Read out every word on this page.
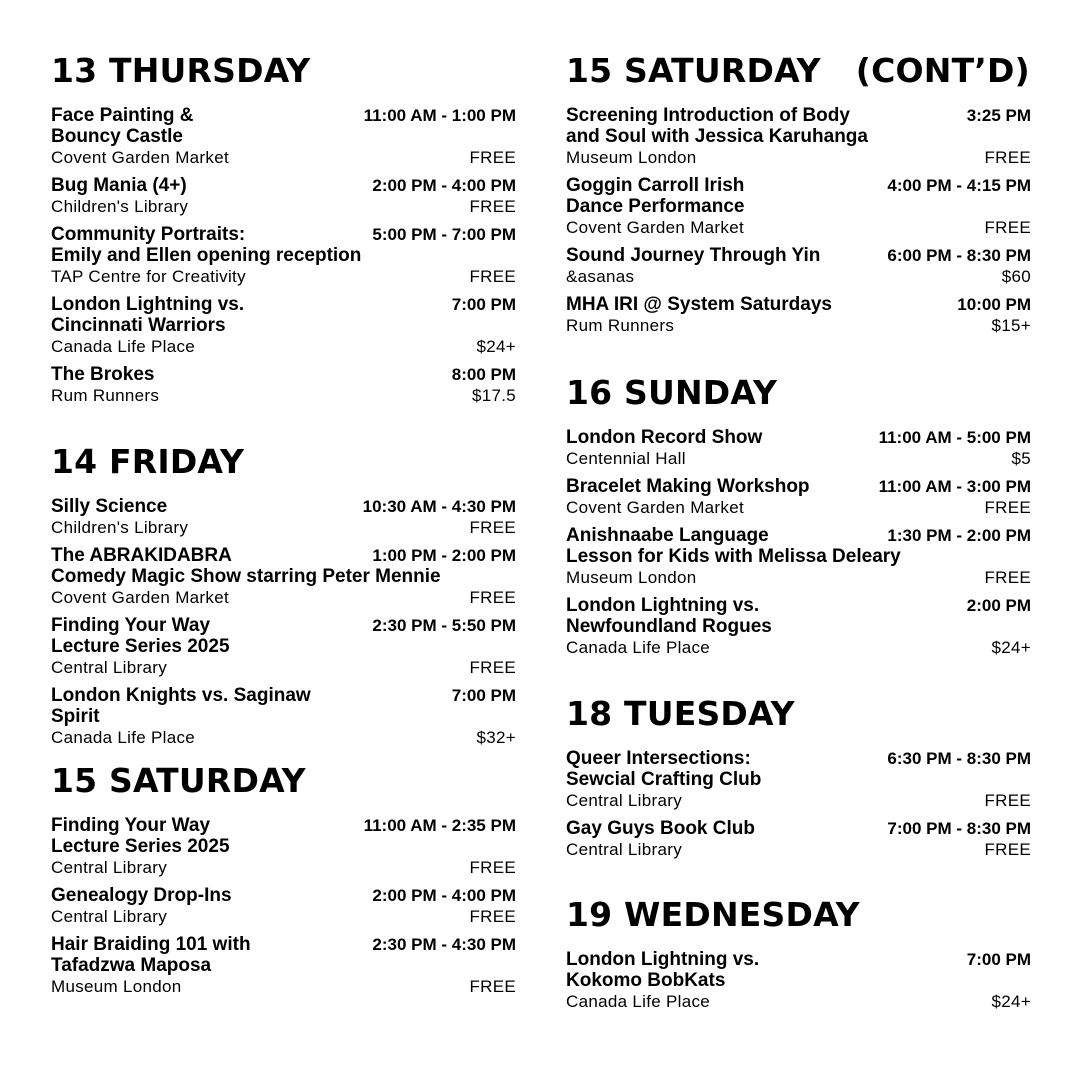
13 THURSDAY
Face Painting &
Bouncy Castle
11:00 AM - 1:00 PM
Covent Garden Market	FREE
Bug Mania (4+)	2:00 PM - 4:00 PM
Children's Library	FREE
Community Portraits:
Emily and Ellen opening reception
5:00 PM - 7:00 PM
TAP Centre for Creativity	FREE
London Lightning vs.
Cincinnati Warriors
7:00 PM
Canada Life Place	$24+
The Brokes	8:00 PM
Rum Runners	$17.5
14 FRIDAY
Silly Science	10:30 AM - 4:30 PM
Children's Library	FREE
The ABRAKIDABRA
Comedy Magic Show starring Peter Mennie
1:00 PM - 2:00 PM
Covent Garden Market	FREE
Finding Your Way
Lecture Series 2025
2:30 PM - 5:50 PM
Central Library	FREE
London Knights vs. Saginaw Spirit
7:00 PM
Canada Life Place	$32+
15 SATURDAY
Finding Your Way
Lecture Series 2025
11:00 AM - 2:35 PM
Central Library	FREE
Genealogy Drop-Ins	2:00 PM - 4:00 PM
Central Library	FREE
Hair Braiding 101 with
Tafadzwa Maposa
2:30 PM - 4:30 PM
Museum London	FREE
15 SATURDAY   (CONT’D)
Screening Introduction of Body
and Soul with Jessica Karuhanga
3:25 PM
Museum London	FREE
Goggin Carroll Irish
Dance Performance
4:00 PM - 4:15 PM
Covent Garden Market	FREE
Sound Journey Through Yin	6:00 PM - 8:30 PM
&asanas	$60
MHA IRI @ System Saturdays	10:00 PM
Rum Runners	$15+
16 SUNDAY
London Record Show	11:00 AM - 5:00 PM
Centennial Hall	$5
Bracelet Making Workshop	11:00 AM - 3:00 PM
Covent Garden Market	FREE
Anishnaabe Language
Lesson for Kids with Melissa Deleary
1:30 PM - 2:00 PM
Museum London	FREE
London Lightning vs.
Newfoundland Rogues
2:00 PM
Canada Life Place	$24+
18 TUESDAY
Queer Intersections:
Sewcial Crafting Club
6:30 PM - 8:30 PM
Central Library	FREE
Gay Guys Book Club	7:00 PM - 8:30 PM
Central Library	FREE
19 WEDNESDAY
London Lightning vs.
Kokomo BobKats
7:00 PM
Canada Life Place	$24+
